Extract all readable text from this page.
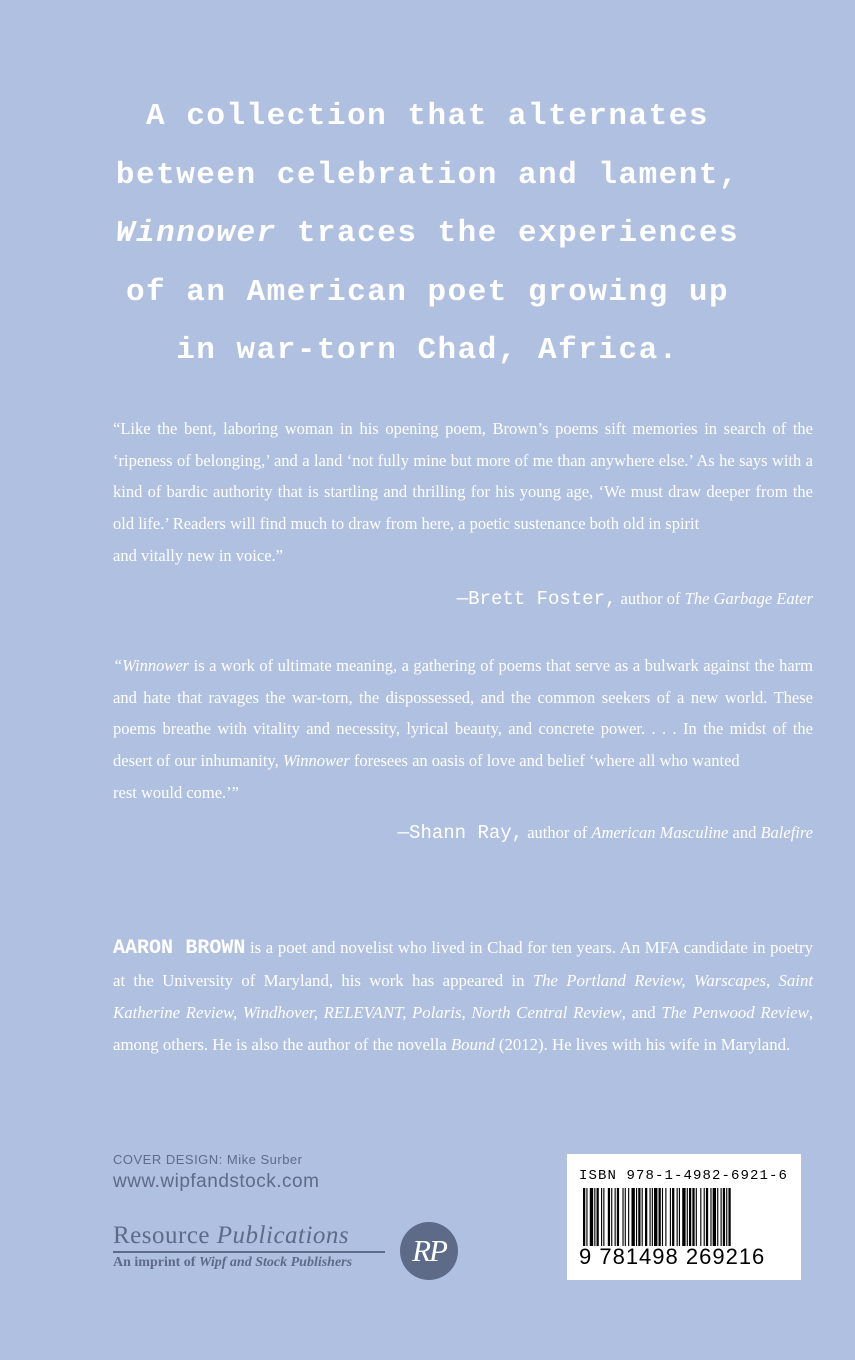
A collection that alternates
between celebration and lament,
Winnower traces the experiences
of an American poet growing up
in war-torn Chad, Africa.
“Like the bent, laboring woman in his opening poem, Brown’s poems sift memories in search of the ‘ripeness of belonging,’ and a land ‘not fully mine but more of me than anywhere else.’ As he says with a kind of bardic authority that is startling and thrilling for his young age, ‘We must draw deeper from the old life.’ Readers will find much to draw from here, a poetic sustenance both old in spirit
and vitally new in voice.”
—Brett Foster, author of The Garbage Eater
“Winnower is a work of ultimate meaning, a gathering of poems that serve as a bulwark against the harm and hate that ravages the war-torn, the dispossessed, and the common seekers of a new world. These poems breathe with vitality and necessity, lyrical beauty, and concrete power. . . . In the midst of the desert of our inhumanity, Winnower foresees an oasis of love and belief ‘where all who wanted
rest would come.’”
—Shann Ray, author of American Masculine and Balefire
AARON BROWN is a poet and novelist who lived in Chad for ten years. An MFA candidate in poetry at the University of Maryland, his work has appeared in The Portland Review, Warscapes, Saint Katherine Review, Windhover, RELEVANT, Polaris, North Central Review, and The Penwood Review, among others. He is also the author of the novella Bound (2012). He lives with his wife in Maryland.
COVER DESIGN: Mike Surber
www.wipfandstock.com
Resource Publications
An imprint of Wipf and Stock Publishers	RP
ISBN 978-1-4982-6921-6
9 781498 269216
